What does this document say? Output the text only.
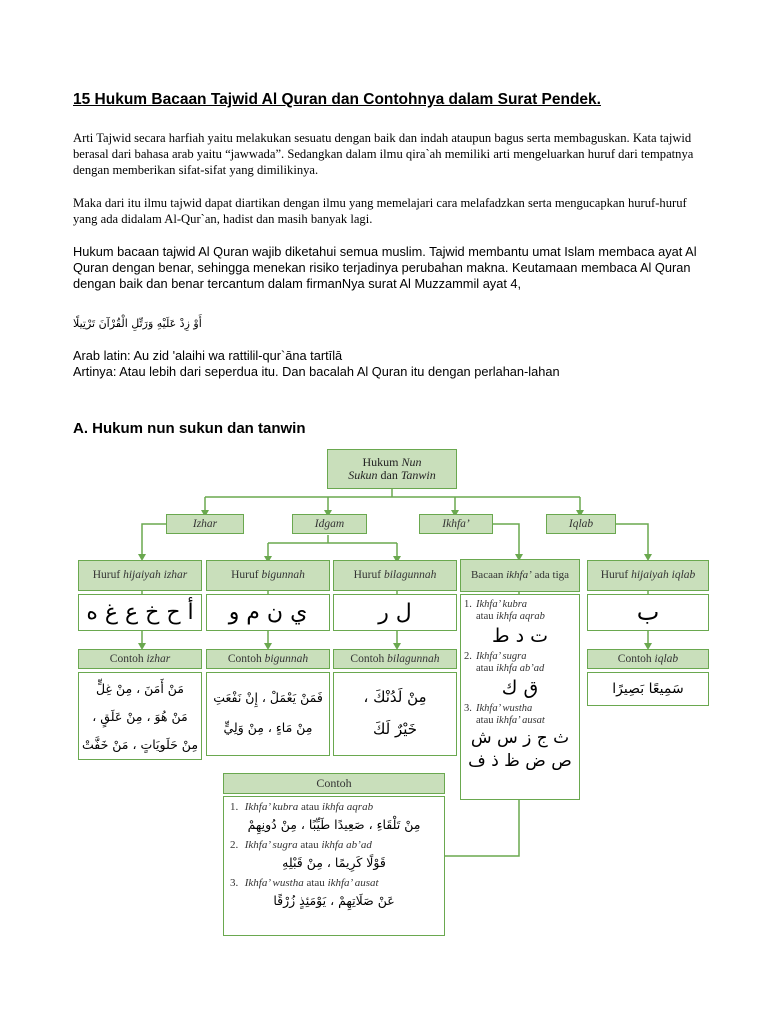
15 Hukum Bacaan Tajwid Al Quran dan Contohnya dalam Surat Pendek.

Arti Tajwid secara harfiah yaitu melakukan sesuatu dengan baik dan indah ataupun bagus serta membaguskan. Kata tajwid berasal dari bahasa arab yaitu “jawwada”. Sedangkan dalam ilmu qira`ah memiliki arti mengeluarkan huruf dari tempatnya dengan memberikan sifat-sifat yang dimilikinya.

Maka dari itu ilmu tajwid dapat diartikan dengan ilmu yang memelajari cara melafadzkan serta mengucapkan huruf-huruf yang ada didalam Al-Qur`an, hadist dan masih banyak lagi.

Hukum bacaan tajwid Al Quran wajib diketahui semua muslim. Tajwid membantu umat Islam membaca ayat Al Quran dengan benar, sehingga menekan risiko terjadinya perubahan makna. Keutamaan membaca Al Quran dengan baik dan benar tercantum dalam firmanNya surat Al Muzzammil ayat 4,

أَوْ زِدْ عَلَيْهِ وَرَتِّلِ الْقُرْآنَ تَرْتِيلًا

Arab latin: Au zid 'alaihi wa rattilil-qur`āna tartīlā

Artinya: Atau lebih dari seperdua itu. Dan bacalah Al Quran itu dengan perlahan-lahan

A. Hukum nun sukun dan tanwin
Hukum Nun
Sukun dan Tanwin
Izhar	Idgam	Ikhfa’	Iqlab
Huruf hijaiyah izhar
أ ح خ ع غ ه
Contoh izhar
مَنْ أَمَنَ ، مِنْ غِلٍّ
مَنْ هُوَ ، مِنْ عَلَقٍ ،
مِنْ حَلَويَاتٍ ، مَنْ خَفَّتْ
Huruf bigunnah
ي ن م و
Contoh bigunnah
فَمَنْ يَعْمَلْ ، إِنْ نَفْعَتِ
مِنْ مَاءٍ ، مِنْ وَلِيٍّ
Huruf bilagunnah
ل ر
Contoh bilagunnah
مِنْ لَدُنْكَ ،
خَيْرٌ لَكَ
Bacaan ikhfa’ ada tiga
1. Ikhfa’ kubra
atau ikhfa aqrab
ت د ط
2. Ikhfa’ sugra
atau ikhfa ab’ad
ق ك
3. Ikhfa’ wustha
atau ikhfa’ ausat
ث ج ز س ش
ص ض ظ ذ ف
Huruf hijaiyah iqlab
ب
Contoh iqlab
سَمِيعًا بَصِيرًا
Contoh
1. Ikhfa’ kubra atau ikhfa aqrab
مِنْ تَلْقَاءِ ، صَعِيدًا طَيِّبًا ، مِنْ دُونِهِمْ
2. Ikhfa’ sugra atau ikhfa ab’ad
قَوْلًا كَرِيمًا ، مِنْ قَبْلِهِ
3. Ikhfa’ wustha atau ikhfa’ ausat
عَنْ صَلَاتِهِمْ ، يَوْمَئِذٍ زُرْقًا
